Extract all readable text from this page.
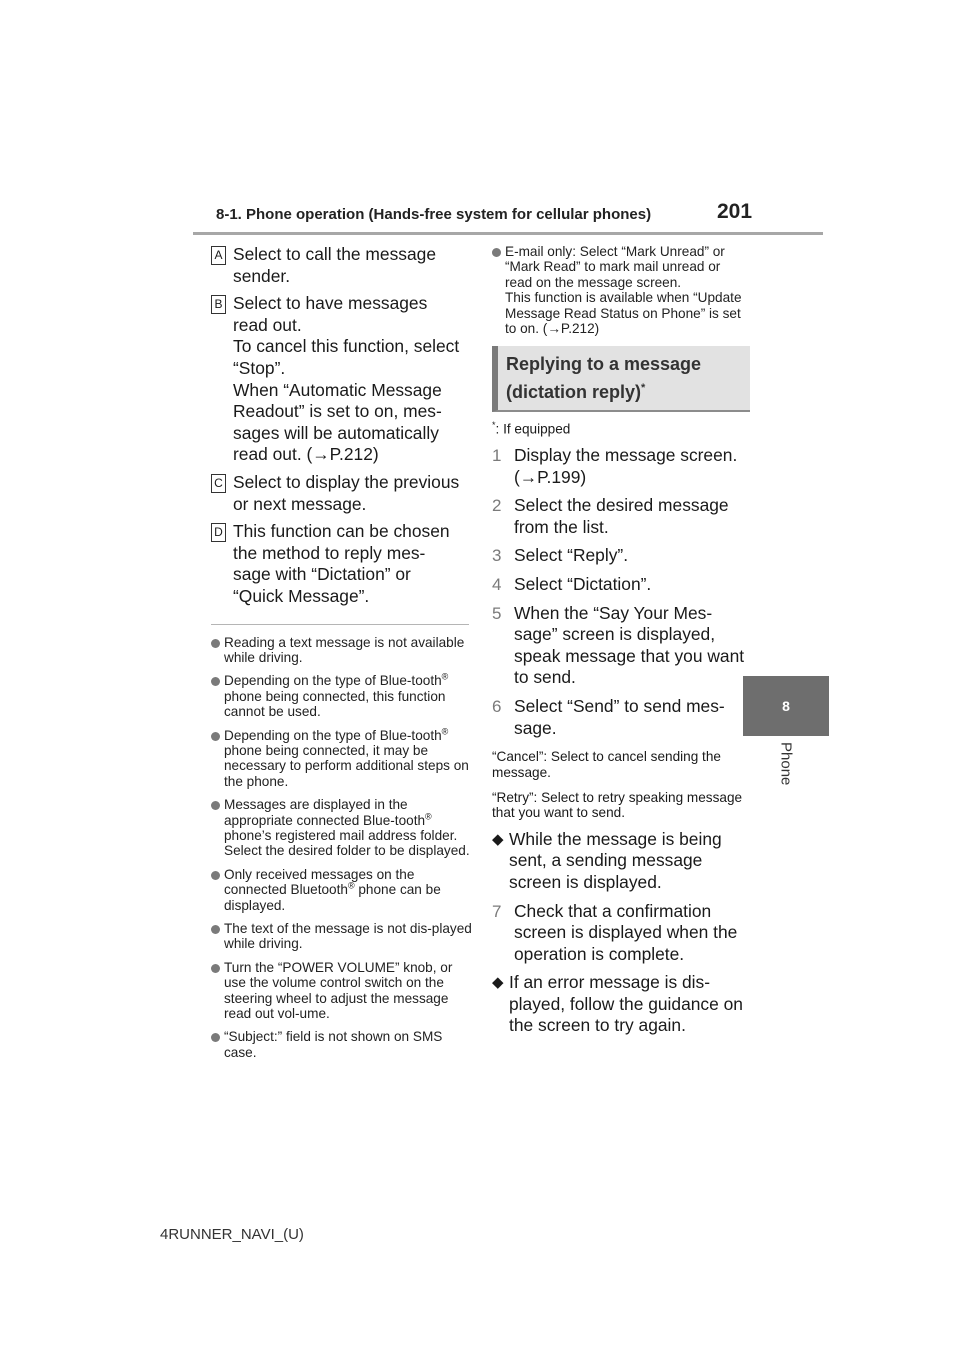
8-1. Phone operation (Hands-free system for cellular phones)	201
8
Phone
A Select to call the message

sender.

B Select to have messages

read out.

To cancel this function, select

“Stop”.

When “Automatic Message

Readout” is set to on, mes-

sages will be automatically

read out. (→P.212)

C Select to display the previous

or next message.

D This function can be chosen

the method to reply mes-

sage with “Dictation” or

“Quick Message”.

Reading a text message is not available while driving.
Depending on the type of Blue-tooth® phone being connected, this function cannot be used.
Depending on the type of Blue-tooth® phone being connected, it may be necessary to perform additional steps on the phone.
Messages are displayed in the appropriate connected Blue-tooth® phone’s registered mail address folder. Select the desired folder to be displayed.
Only received messages on the connected Bluetooth® phone can be displayed.
The text of the message is not dis-played while driving.
Turn the “POWER VOLUME” knob, or use the volume control switch on the steering wheel to adjust the message read out vol-ume.
“Subject:” field is not shown on SMS case.
E-mail only: Select “Mark Unread” or “Mark Read” to mark mail unread or read on the message screen.
This function is available when “Update Message Read Status on Phone” is set to on. (→P.212)
Replying to a message (dictation reply)*
*: If equipped
1 Display the message screen. (→P.199)
2 Select the desired message from the list.
3 Select “Reply”.
4 Select “Dictation”.
5 When the “Say Your Mes-sage” screen is displayed, speak message that you want to send.
6 Select “Send” to send mes-sage.
“Cancel”: Select to cancel sending the message.
“Retry”: Select to retry speaking message that you want to send.
◆ While the message is being sent, a sending message screen is displayed.
7 Check that a confirmation screen is displayed when the operation is complete.
◆ If an error message is dis-played, follow the guidance on the screen to try again.
4RUNNER_NAVI_(U)
